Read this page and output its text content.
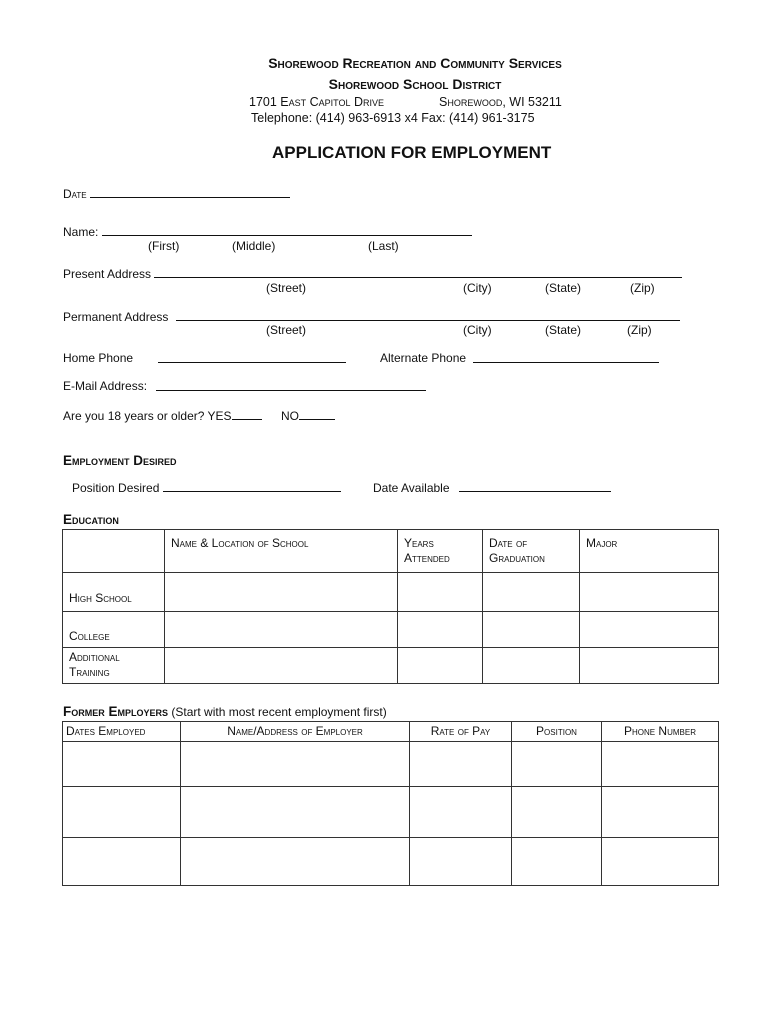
Shorewood Recreation and Community Services
Shorewood School District
1701 East Capitol Drive	Shorewood, WI 53211
Telephone: (414) 963-6913 x4 Fax: (414) 961-3175
APPLICATION FOR EMPLOYMENT
Date
Name:
(First)	(Middle)	(Last)
Present Address
(Street)	(City)	(State)	(Zip)
Permanent Address
(Street)	(City)	(State)	(Zip)
Home Phone	Alternate Phone
E-Mail Address:
Are you 18 years or older? YES	NO
Employment Desired
Position Desired	Date Available
Education

	Name & Location of School	Years Attended	Date of Graduation	Major

High School				

College				

Additional Training				

Former Employers (Start with most recent employment first)
Dates Employed	Name/Address of Employer	Rate of Pay	Position	Phone Number
